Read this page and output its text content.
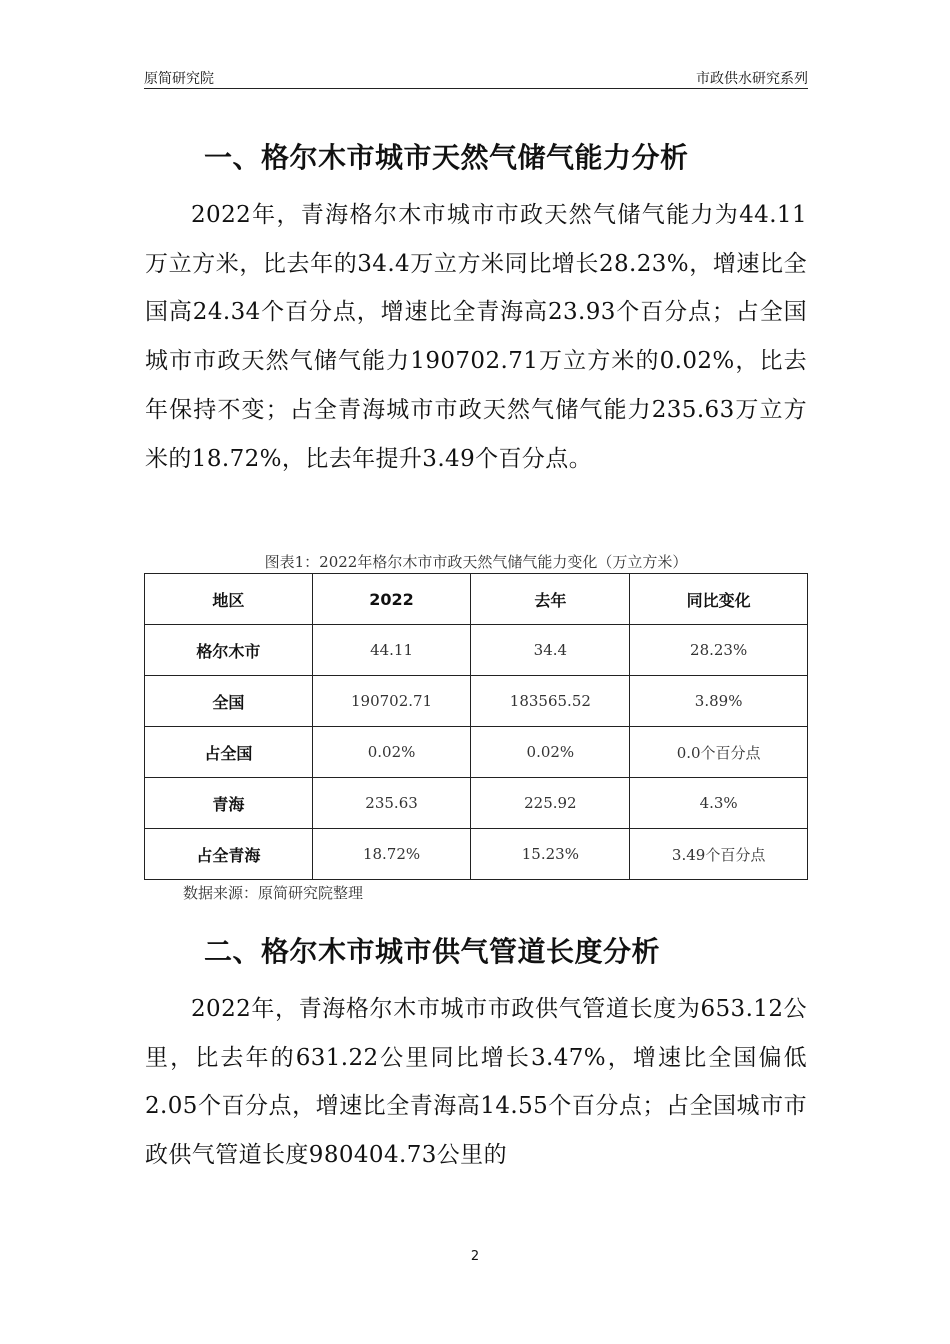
原简研究院	市政供水研究系列
一、格尔木市城市天然气储气能力分析

2022年，青海格尔木市城市市政天然气储气能力为44.11万立方米，比去年的34.4万立方米同比增长28.23%，增速比全国高24.34个百分点，增速比全青海高23.93个百分点；占全国城市市政天然气储气能力190702.71万立方米的0.02%，比去年保持不变；占全青海城市市政天然气储气能力235.63万立方米的18.72%，比去年提升3.49个百分点。

图表1：2022年格尔木市市政天然气储气能力变化（万立方米）
地区	2022	去年	同比变化
格尔木市	44.11	34.4	28.23%
全国	190702.71	183565.52	3.89%
占全国	0.02%	0.02%	0.0个百分点
青海	235.63	225.92	4.3%
占全青海	18.72%	15.23%	3.49个百分点
数据来源：原简研究院整理
二、格尔木市城市供气管道长度分析

2022年，青海格尔木市城市市政供气管道长度为653.12公里，比去年的631.22公里同比增长3.47%，增速比全国偏低2.05个百分点，增速比全青海高14.55个百分点；占全国城市市政供气管道长度980404.73公里的

2
